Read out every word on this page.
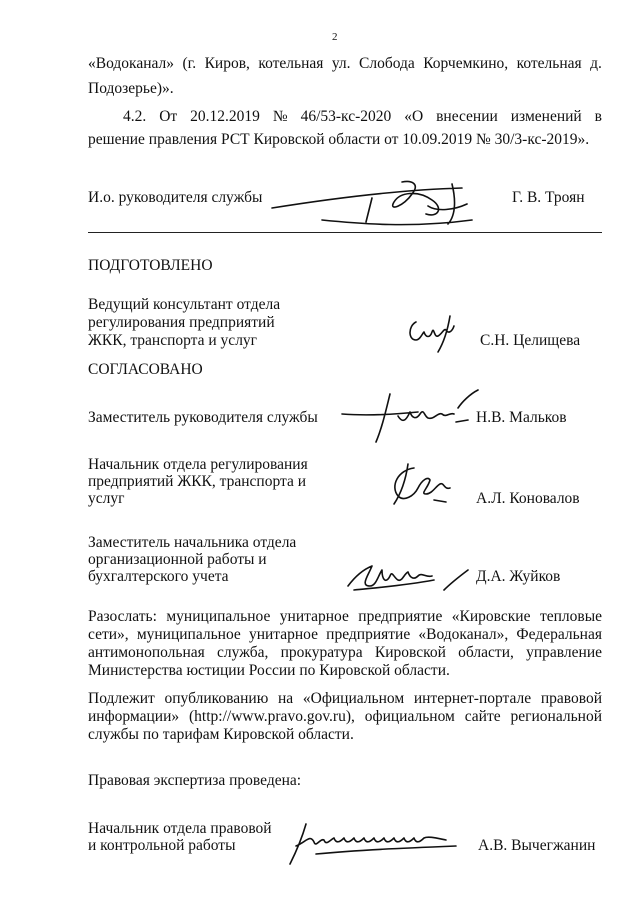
2
«Водоканал» (г. Киров, котельная ул. Слобода Корчемкино, котельная д.
Подозерье)».
4.2. От 20.12.2019 № 46/53-кс-2020 «О внесении изменений в
решение правления РСТ Кировской области от 10.09.2019 № 30/3-кс-2019».
И.о. руководителя службы	Г. В. Троян
ПОДГОТОВЛЕНО
Ведущий консультант отдела
регулирования предприятий
ЖКК, транспорта и услуг	С.Н. Целищева
СОГЛАСОВАНО
Заместитель руководителя службы	Н.В. Мальков
Начальник отдела регулирования
предприятий ЖКК, транспорта и
услуг	А.Л. Коновалов
Заместитель начальника отдела
организационной работы и
бухгалтерского учета	Д.А. Жуйков
Разослать: муниципальное унитарное предприятие «Кировские тепловые сети», муниципальное унитарное предприятие «Водоканал», Федеральная антимонопольная служба, прокуратура Кировской области, управление Министерства юстиции России по Кировской области.
Подлежит опубликованию на «Официальном интернет-портале правовой информации» (http://www.pravo.gov.ru), официальном сайте региональной службы по тарифам Кировской области.
Правовая экспертиза проведена:
Начальник отдела правовой
и контрольной работы	А.В. Вычегжанин
